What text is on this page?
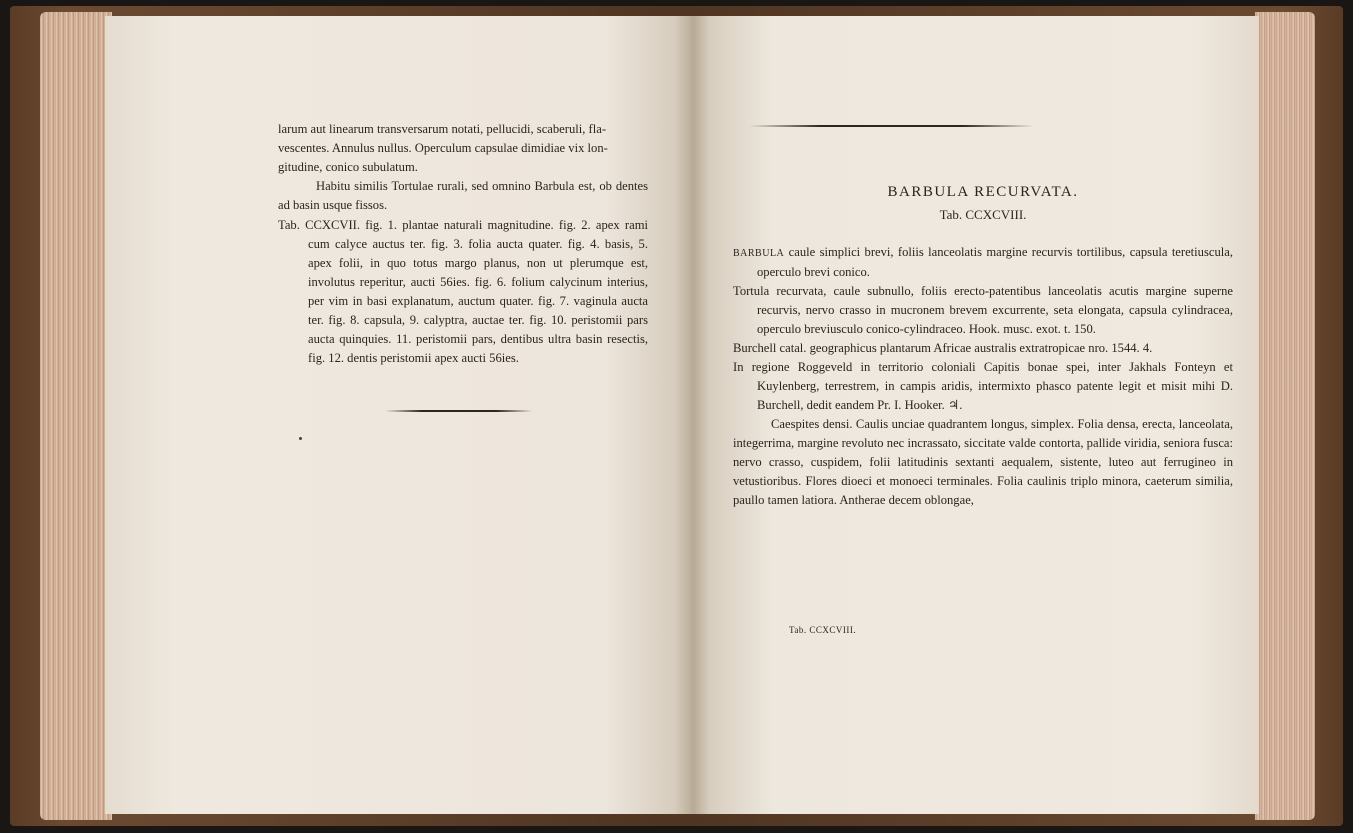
larum aut linearum transversarum notati, pellucidi, scaberuli, fla-

vescentes. Annulus nullus. Operculum capsulae dimidiae vix lon-

gitudine, conico subulatum.

Habitu similis Tortulae rurali, sed omnino Barbula est, ob dentes ad basin usque fissos.

Tab. CCXCVII. fig. 1. plantae naturali magnitudine. fig. 2. apex rami cum calyce auctus ter. fig. 3. folia aucta quater. fig. 4. basis, 5. apex folii, in quo totus margo planus, non ut plerumque est, involutus reperitur, aucti 56ies. fig. 6. folium calycinum interius, per vim in basi explanatum, auctum quater. fig. 7. vaginula aucta ter. fig. 8. capsula, 9. calyptra, auctae ter. fig. 10. peristomii pars aucta quinquies. 11. peristomii pars, dentibus ultra basin resectis, fig. 12. dentis peristomii apex aucti 56ies.

BARBULA RECURVATA.
Tab. CCXCVIII.

BARBULA caule simplici brevi, foliis lanceolatis margine recurvis tortilibus, capsula teretiuscula, operculo brevi conico.

Tortula recurvata, caule subnullo, foliis erecto-patentibus lanceolatis acutis margine superne recurvis, nervo crasso in mucronem brevem excurrente, seta elongata, capsula cylindracea, operculo breviusculo conico-cylindraceo. Hook. musc. exot. t. 150.

Burchell catal. geographicus plantarum Africae australis extratropicae nro. 1544. 4.

In regione Roggeveld in territorio coloniali Capitis bonae spei, inter Jakhals Fonteyn et Kuylenberg, terrestrem, in campis aridis, intermixto phasco patente legit et misit mihi D. Burchell, dedit eandem Pr. I. Hooker. ♃.

Caespites densi. Caulis unciae quadrantem longus, simplex. Folia densa, erecta, lanceolata, integerrima, margine revoluto nec incrassato, siccitate valde contorta, pallide viridia, seniora fusca: nervo crasso, cuspidem, folii latitudinis sextanti aequalem, sistente, luteo aut ferrugineo in vetustioribus. Flores dioeci et monoeci terminales. Folia caulinis triplo minora, caeterum similia, paullo tamen latiora. Antherae decem oblongae,

Tab. CCXCVIII.
